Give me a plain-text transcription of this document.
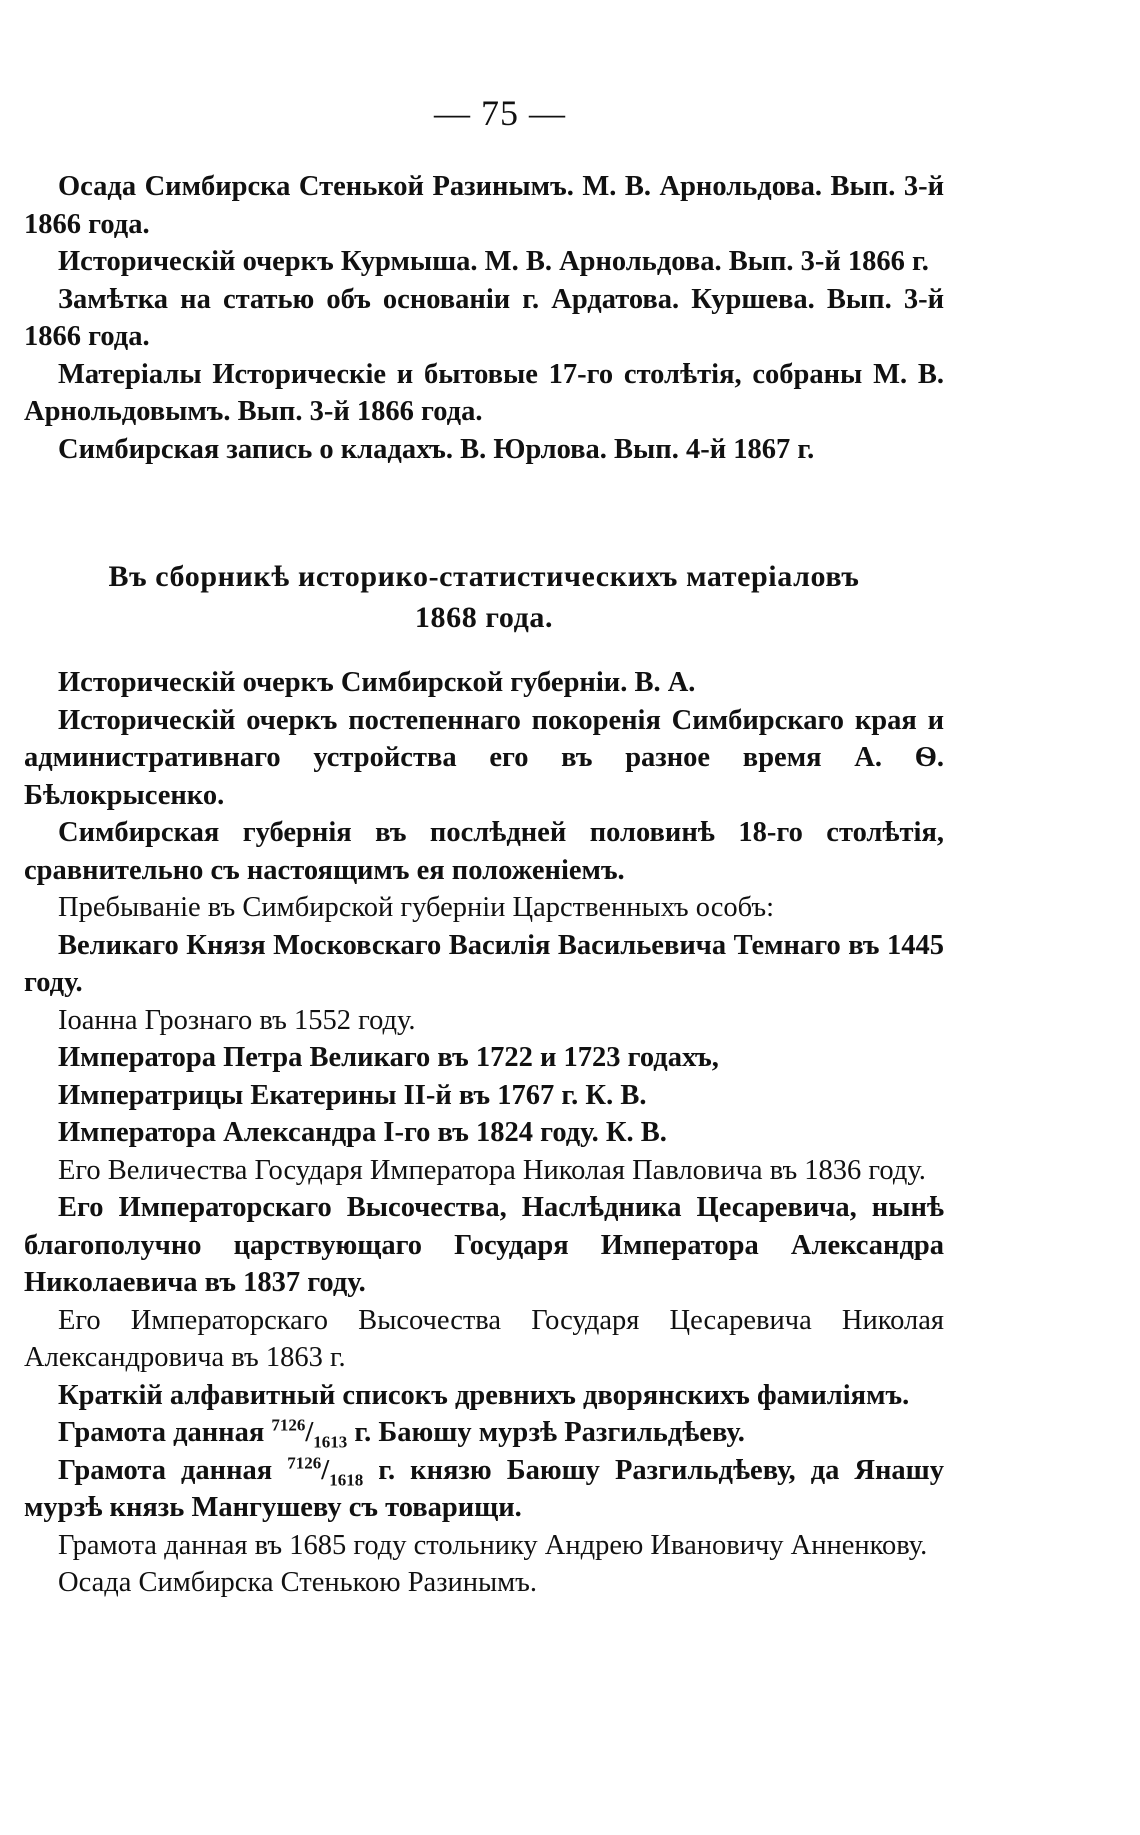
— 75 —

Осада Симбирска Стенькой Разинымъ. М. В. Арнольдова. Вып. 3-й 1866 года.

Историческій очеркъ Курмыша. М. В. Арнольдова. Вып. 3-й 1866 г.

Замѣтка на статью объ основаніи г. Ардатова. Куршева. Вып. 3-й 1866 года.

Матеріалы Историческіе и бытовые 17-го столѣтія, собраны М. В. Арнольдовымъ. Вып. 3-й 1866 года.

Симбирская запись о кладахъ. В. Юрлова. Вып. 4-й 1867 г.

Въ сборникѣ историко-статистическихъ матеріаловъ
1868 года.

Историческій очеркъ Симбирской губерніи. В. А.

Историческій очеркъ постепеннаго покоренія Симбирскаго края и административнаго устройства его въ разное время А. Ѳ. Бѣлокрысенко.

Симбирская губернія въ послѣдней половинѣ 18-го столѣтія, сравнительно съ настоящимъ ея положеніемъ.

Пребываніе въ Симбирской губерніи Царственныхъ особъ:

Великаго Князя Московскаго Василія Васильевича Темнаго въ 1445 году.

Іоанна Грознаго въ 1552 году.

Императора Петра Великаго въ 1722 и 1723 годахъ,

Императрицы Екатерины II-й въ 1767 г. К. В.

Императора Александра I-го въ 1824 году. К. В.

Его Величества Государя Императора Николая Павловича въ 1836 году.

Его Императорскаго Высочества, Наслѣдника Цесаревича, нынѣ благополучно царствующаго Государя Императора Александра Николаевича въ 1837 году.

Его Императорскаго Высочества Государя Цесаревича Николая Александровича въ 1863 г.

Краткій алфавитный списокъ древнихъ дворянскихъ фамиліямъ.

Грамота данная $^{7126}/_{1613}$ г. Баюшу мурзѣ Разгильдѣеву.

Грамота данная $^{7126}/_{1618}$ г. князю Баюшу Разгильдѣеву, да Янашу мурзѣ князь Мангушеву съ товарищи.

Грамота данная въ 1685 году стольнику Андрею Ивановичу Анненкову.

Осада Симбирска Стенькою Разинымъ.
